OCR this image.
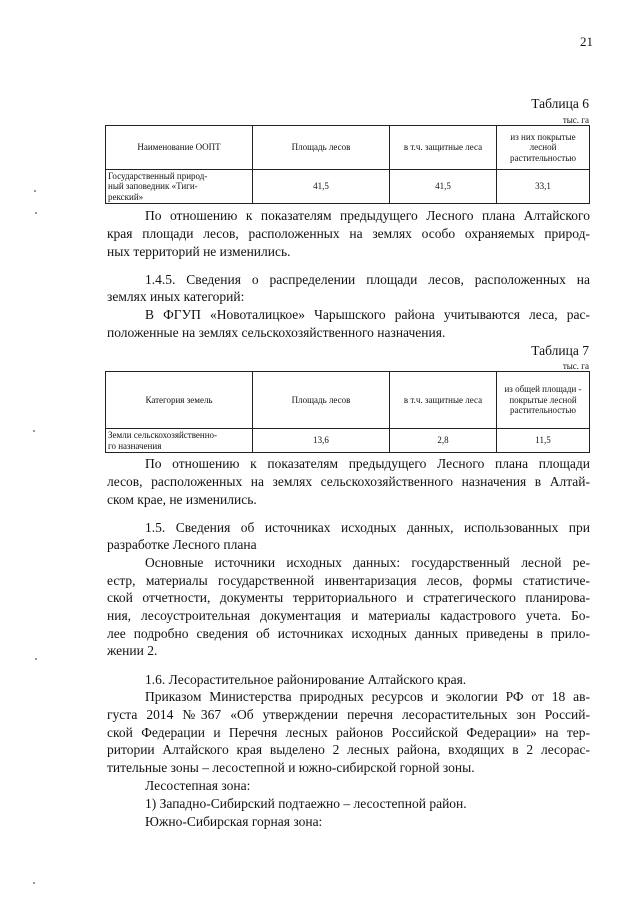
21
Таблица 6
тыс. га
Наименование ООПТ	Площадь лесов	в т.ч. защитные леса	из них покрытые лесной растительностью

Государственный природ-
ный заповедник «Тиги-
рекский»	41,5	41,5	33,1
По отношению к показателям предыдущего Лесного плана Алтайского
края площади лесов, расположенных на землях особо охраняемых природ-
ных территорий не изменились.
1.4.5. Сведения о распределении площади лесов, расположенных на
землях иных категорий:
В ФГУП «Новоталицкое» Чарышского района учитываются леса, рас-
положенные на землях сельскохозяйственного назначения.
Таблица 7
тыс. га
Категория земель	Площадь лесов	в т.ч. защитные леса	из общей площади - покрытые лесной растительностью

Земли сельскохозяйственно-
го назначения	13,6	2,8	11,5
По отношению к показателям предыдущего Лесного плана площади
лесов, расположенных на землях сельскохозяйственного назначения в Алтай-
ском крае, не изменились.
1.5. Сведения об источниках исходных данных, использованных при
разработке Лесного плана
Основные источники исходных данных: государственный лесной ре-
естр, материалы государственной инвентаризация лесов, формы статистиче-
ской отчетности, документы территориального и стратегического планирова-
ния, лесоустроительная документация и материалы кадастрового учета. Бо-
лее подробно сведения об источниках исходных данных приведены в прило-
жении 2.
1.6. Лесорастительное районирование Алтайского края.
Приказом Министерства природных ресурсов и экологии РФ от 18 ав-
густа 2014 №367 «Об утверждении перечня лесорастительных зон Россий-
ской Федерации и Перечня лесных районов Российской Федерации» на тер-
ритории Алтайского края выделено 2 лесных района, входящих в 2 лесорас-
тительные зоны – лесостепной и южно-сибирской горной зоны.
Лесостепная зона:
1) Западно-Сибирский подтаежно – лесостепной район.
Южно-Сибирская горная зона:
